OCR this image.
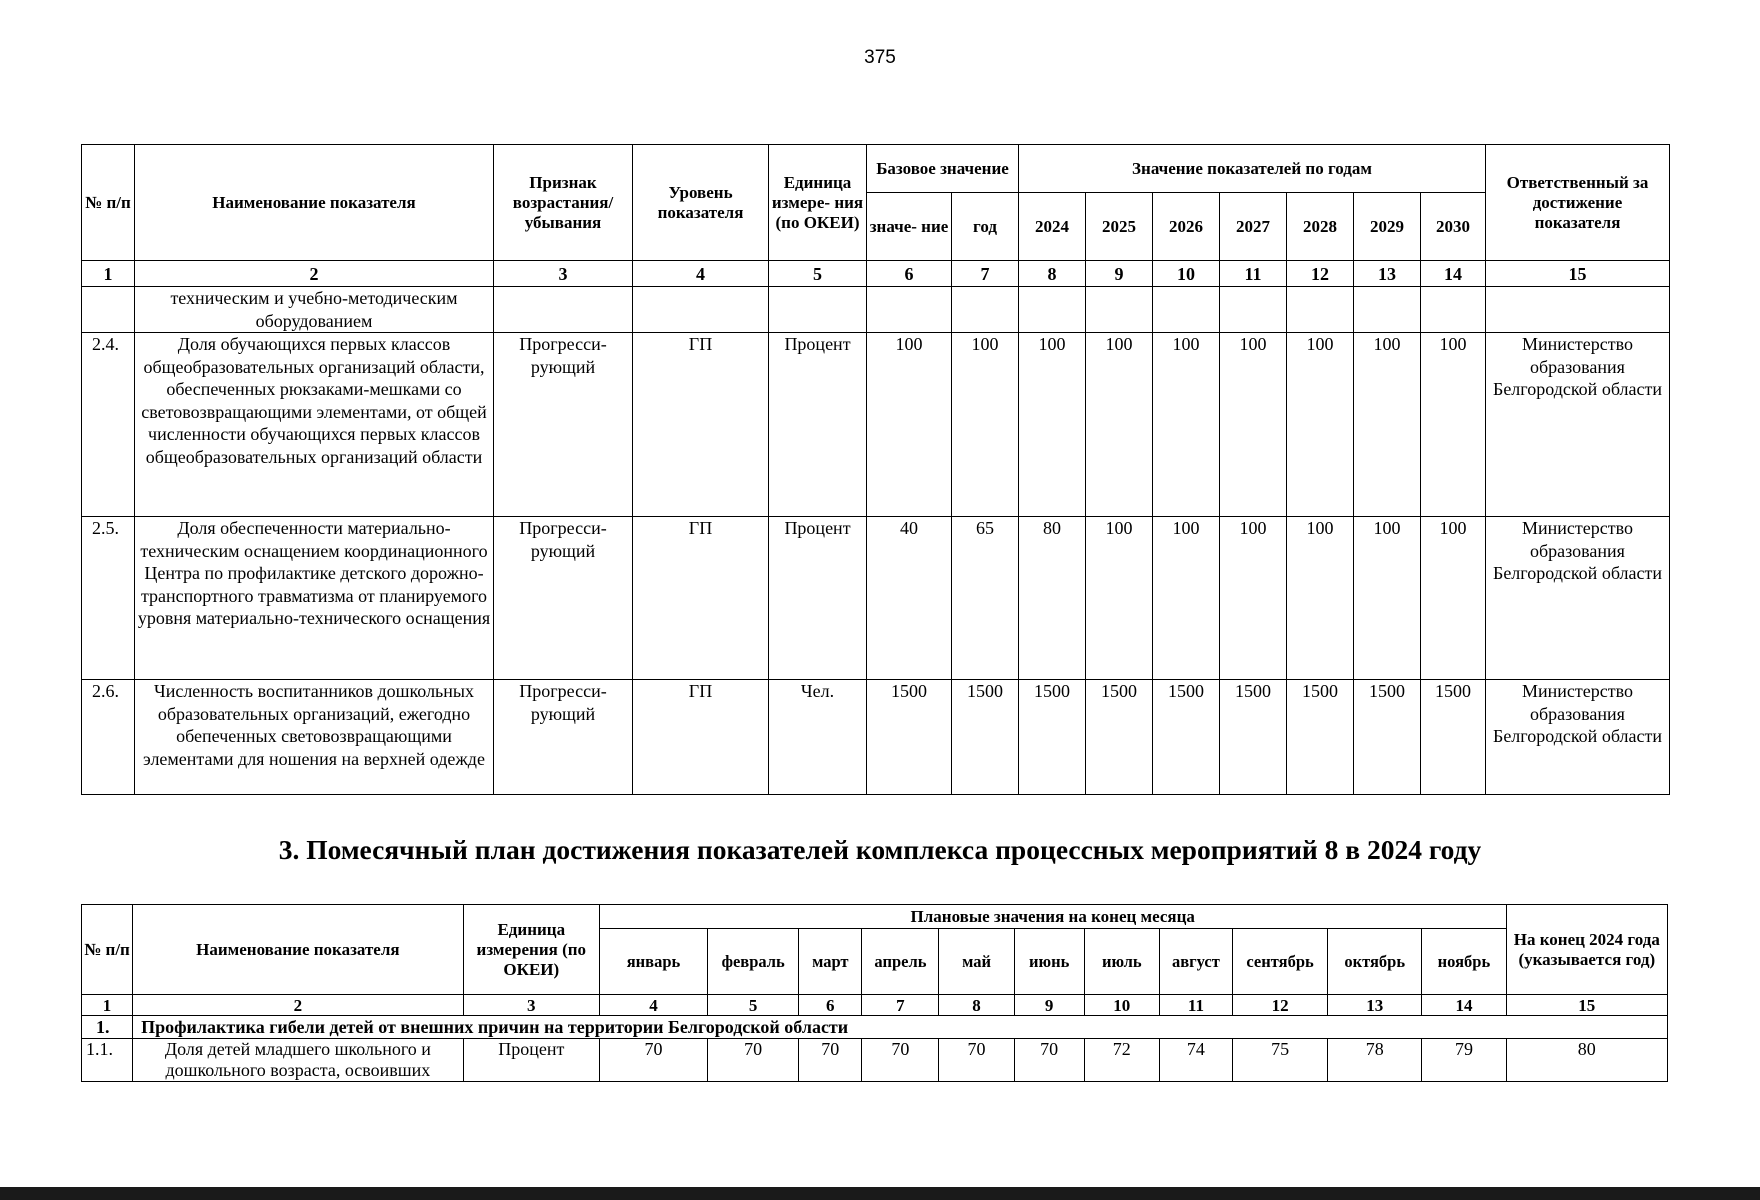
375
№ п/п	Наименование показателя	Признак возрастания/ убывания	Уровень показателя	Единица измере- ния (по ОКЕИ)	Базовое значение		Значение показателей по годам							Ответственный за достижение показателя
					значе- ние	год	2024	2025	2026	2027	2028	2029	2030	
1	2	3	4	5	6	7	8	9	10	11	12	13	14	15
	техническим и учебно-методическим оборудованием													
2.4.	Доля обучающихся первых классов общеобразовательных организаций области, обеспеченных рюкзаками-мешками со световозвращающими элементами, от общей численности обучающихся первых классов общеобразовательных организаций области	Прогресси- рующий	ГП	Процент	100	100	100	100	100	100	100	100	100	Министерство образования Белгородской области
2.5.	Доля обеспеченности материально-техническим оснащением координационного Центра по профилактике детского дорожно-транспортного травматизма от планируемого уровня материально-технического оснащения	Прогресси- рующий	ГП	Процент	40	65	80	100	100	100	100	100	100	Министерство образования Белгородской области
2.6.	Численность воспитанников дошкольных образовательных организаций, ежегодно обепеченных световозвращающими элементами для ношения на верхней одежде	Прогресси- рующий	ГП	Чел.	1500	1500	1500	1500	1500	1500	1500	1500	1500	Министерство образования Белгородской области
3. Помесячный план достижения показателей комплекса процессных мероприятий 8 в 2024 году
№ п/п	Наименование показателя	Единица измерения (по ОКЕИ)	Плановые значения на конец месяца											На конец 2024 года (указывается год)
			январь	февраль	март	апрель	май	июнь	июль	август	сентябрь	октябрь	ноябрь	
1	2	3	4	5	6	7	8	9	10	11	12	13	14	15
1.	Профилактика гибели детей от внешних причин на территории Белгородской области													
1.1.	Доля детей младшего школьного и дошкольного возраста, освоивших	Процент	70	70	70	70	70	70	72	74	75	78	79	80
